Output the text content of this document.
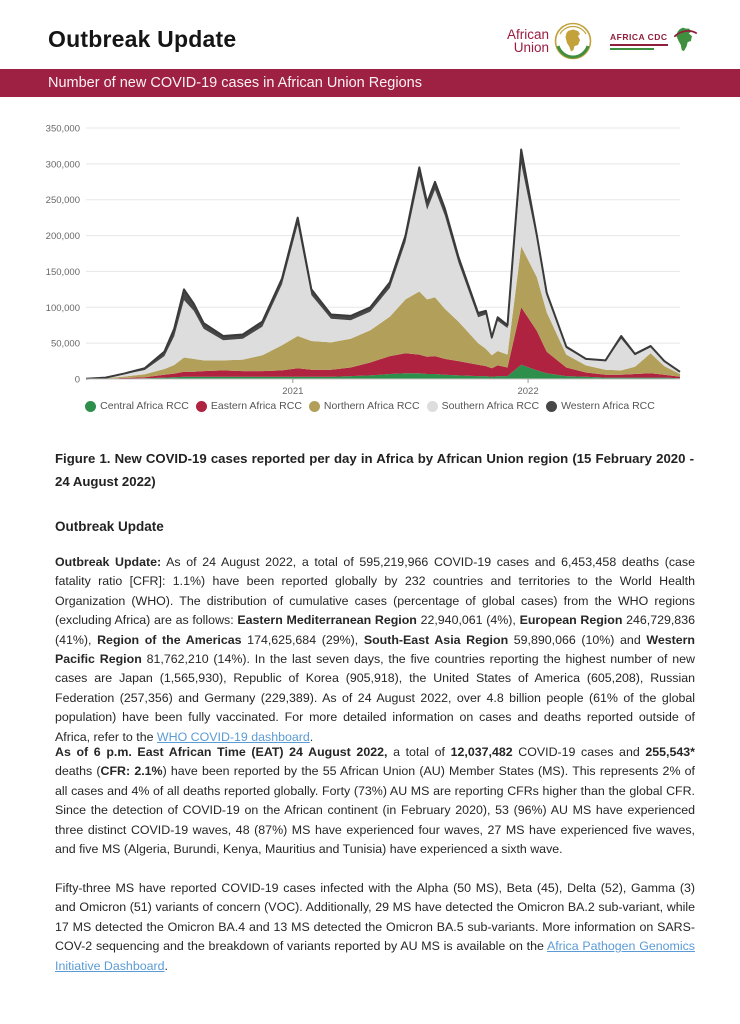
Outbreak Update	African
Union
AFRICA CDC
Number of new COVID-19 cases in African Union Regions
0
50,000
100,000
150,000
200,000
250,000
300,000
350,000
2021	2022
Central Africa RCC Eastern Africa RCC Northern Africa RCC Southern Africa RCC Western Africa RCC
Figure 1. New COVID-19 cases reported per day in Africa by African Union region (15 February 2020 - 24 August 2022)
Outbreak Update
Outbreak Update: As of 24 August 2022, a total of 595,219,966 COVID-19 cases and 6,453,458 deaths (case fatality ratio [CFR]: 1.1%) have been reported globally by 232 countries and territories to the World Health Organization (WHO). The distribution of cumulative cases (percentage of global cases) from the WHO regions (excluding Africa) are as follows: Eastern Mediterranean Region 22,940,061 (4%), European Region 246,729,836 (41%), Region of the Americas 174,625,684 (29%), South-East Asia Region 59,890,066 (10%) and Western Pacific Region 81,762,210 (14%). In the last seven days, the five countries reporting the highest number of new cases are Japan (1,565,930), Republic of Korea (905,918), the United States of America (605,208), Russian Federation (257,356) and Germany (229,389). As of 24 August 2022, over 4.8 billion people (61% of the global population) have been fully vaccinated. For more detailed information on cases and deaths reported outside of Africa, refer to the WHO COVID-19 dashboard.
As of 6 p.m. East African Time (EAT) 24 August 2022, a total of 12,037,482 COVID-19 cases and 255,543* deaths (CFR: 2.1%) have been reported by the 55 African Union (AU) Member States (MS). This represents 2% of all cases and 4% of all deaths reported globally. Forty (73%) AU MS are reporting CFRs higher than the global CFR. Since the detection of COVID-19 on the African continent (in February 2020), 53 (96%) AU MS have experienced three distinct COVID-19 waves, 48 (87%) MS have experienced four waves, 27 MS have experienced five waves, and five MS (Algeria, Burundi, Kenya, Mauritius and Tunisia) have experienced a sixth wave.
Fifty-three MS have reported COVID-19 cases infected with the Alpha (50 MS), Beta (45), Delta (52), Gamma (3) and Omicron (51) variants of concern (VOC). Additionally, 29 MS have detected the Omicron BA.2 sub-variant, while 17 MS detected the Omicron BA.4 and 13 MS detected the Omicron BA.5 sub-variants. More information on SARS-COV-2 sequencing and the breakdown of variants reported by AU MS is available on the Africa Pathogen Genomics Initiative Dashboard.
